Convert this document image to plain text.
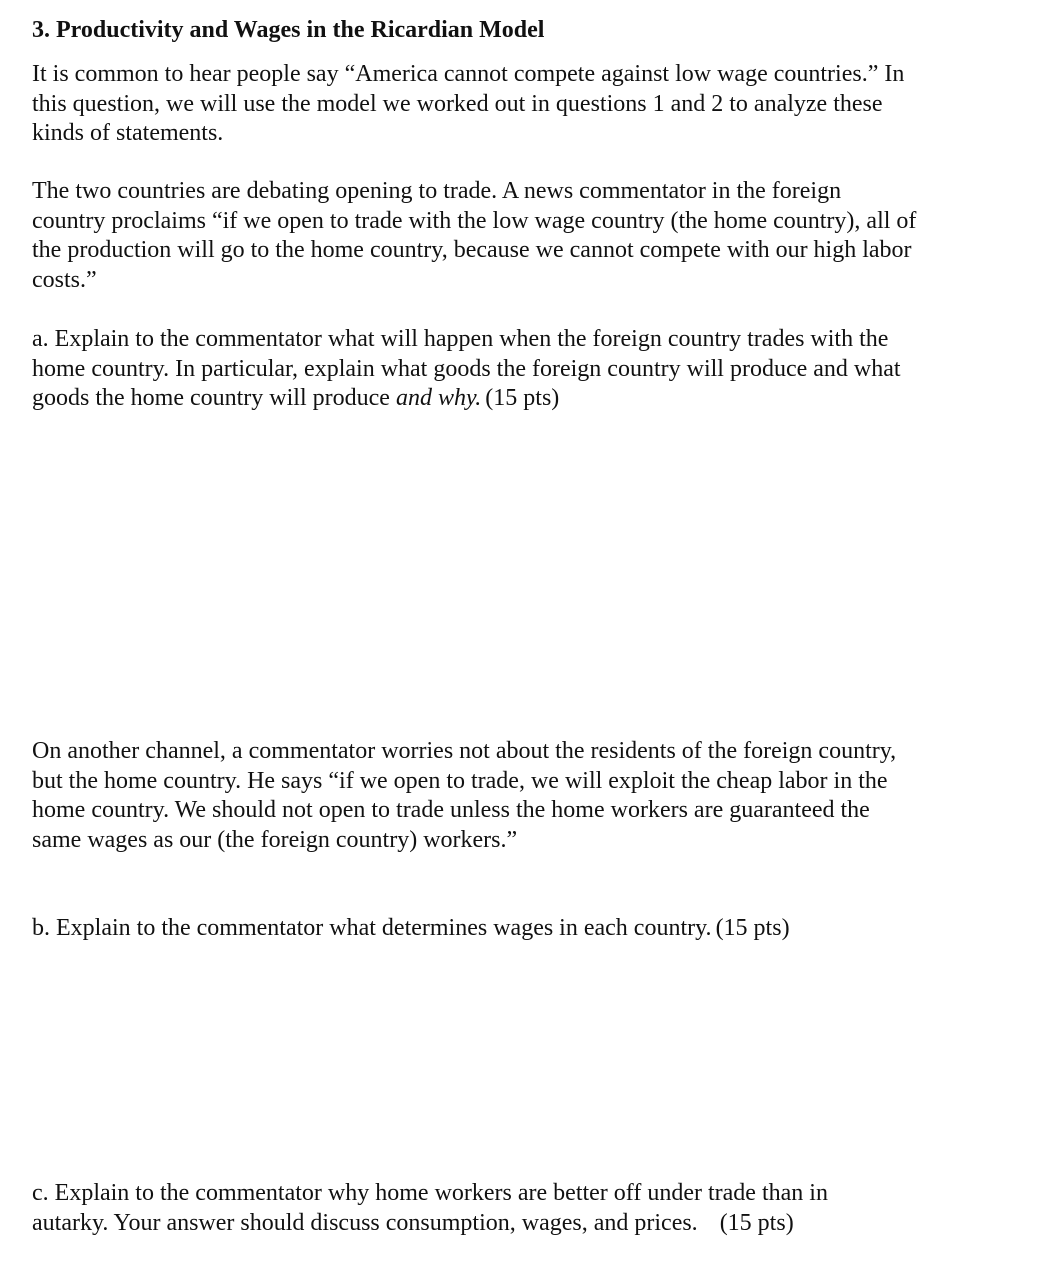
3. Productivity and Wages in the Ricardian Model

It is common to hear people say “America cannot compete against low wage countries.” In
this question, we will use the model we worked out in questions 1 and 2 to analyze these
kinds of statements.

The two countries are debating opening to trade. A news commentator in the foreign
country proclaims “if we open to trade with the low wage country (the home country), all of
the production will go to the home country, because we cannot compete with our high labor
costs.”

a. Explain to the commentator what will happen when the foreign country trades with the
home country. In particular, explain what goods the foreign country will produce and what
goods the home country will produce and why. (15 pts)

On another channel, a commentator worries not about the residents of the foreign country,
but the home country. He says “if we open to trade, we will exploit the cheap labor in the
home country. We should not open to trade unless the home workers are guaranteed the
same wages as our (the foreign country) workers.”

b. Explain to the commentator what determines wages in each country. (15 pts)

c. Explain to the commentator why home workers are better off under trade than in
autarky. Your answer should discuss consumption, wages, and prices. (15 pts)
